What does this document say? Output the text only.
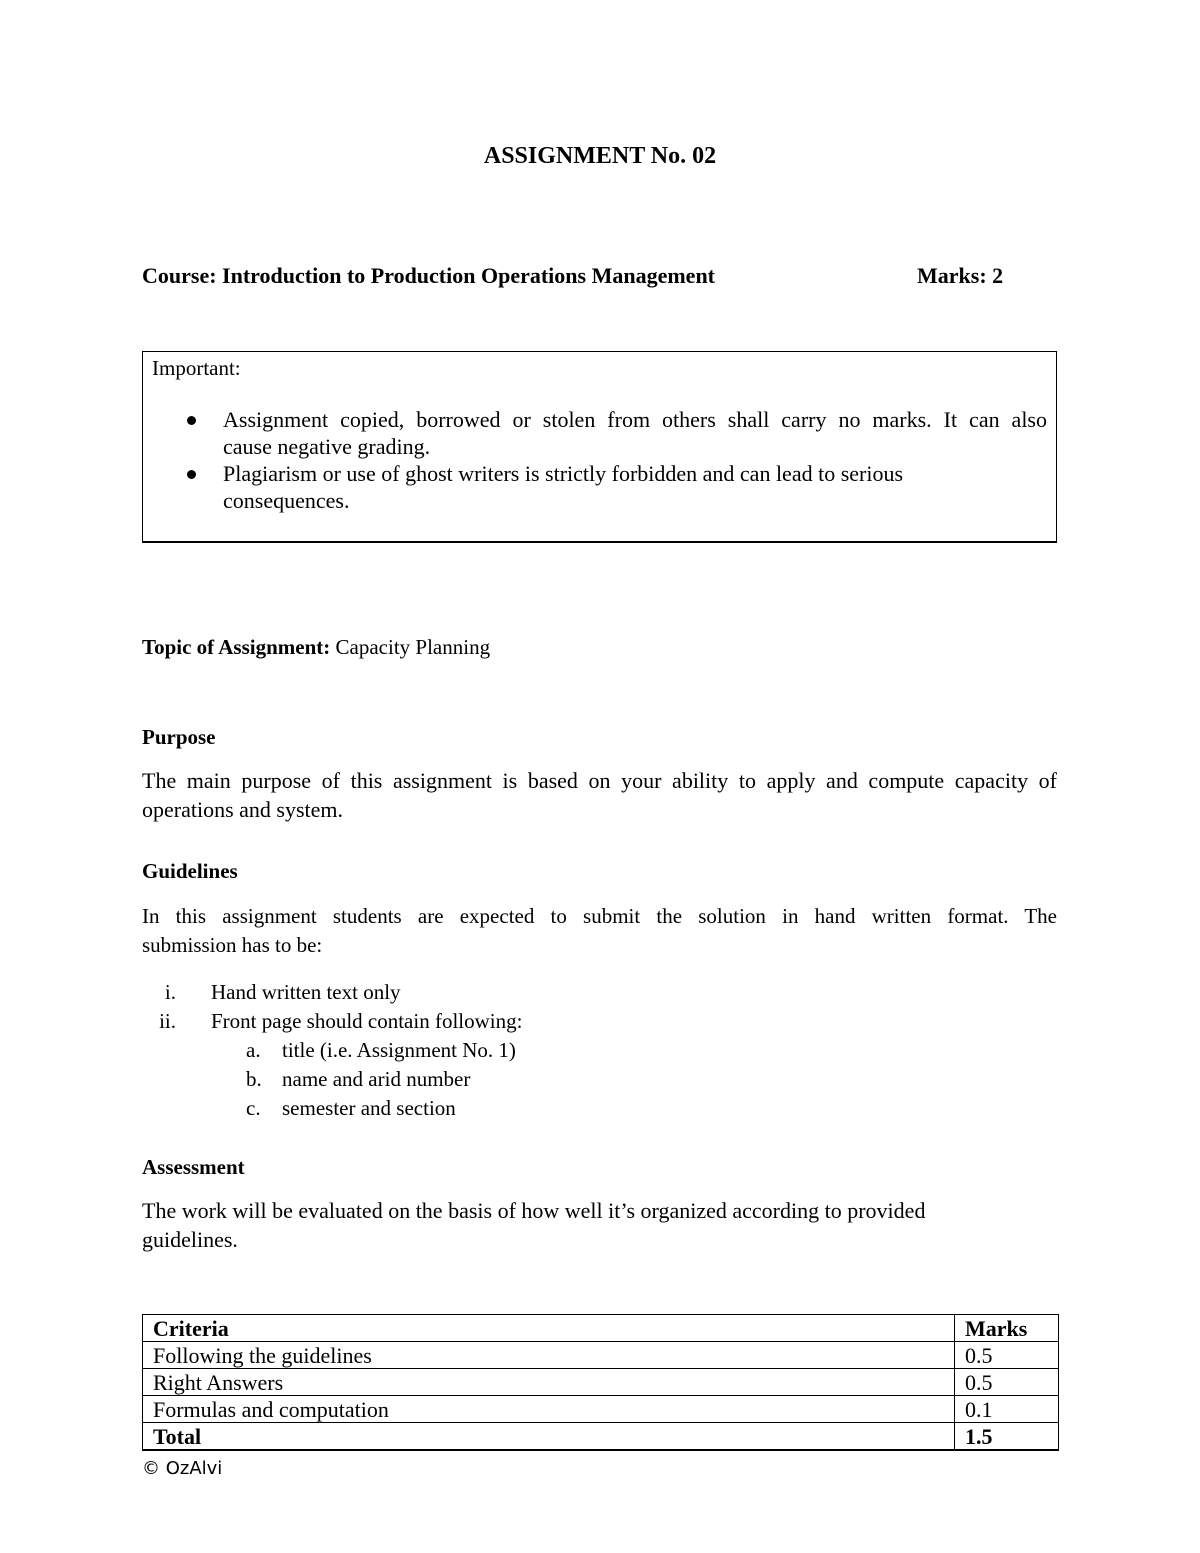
ASSIGNMENT No. 02
Course: Introduction to Production Operations Management	Marks: 2
Important:
Assignment copied, borrowed or stolen from others shall carry no marks. It can also
cause negative grading.
Plagiarism or use of ghost writers is strictly forbidden and can lead to serious
consequences.
Topic of Assignment: Capacity Planning
Purpose
The main purpose of this assignment is based on your ability to apply and compute capacity of
operations and system.
Guidelines
In this assignment students are expected to submit the solution in hand written format. The
submission has to be:
i. Hand written text only
ii. Front page should contain following:
a. title (i.e. Assignment No. 1)
b. name and arid number
c. semester and section
Assessment
The work will be evaluated on the basis of how well it’s organized according to provided
guidelines.
Criteria	Marks
Following the guidelines	0.5
Right Answers	0.5
Formulas and computation	0.1
Total	1.5
© OzAlvi
